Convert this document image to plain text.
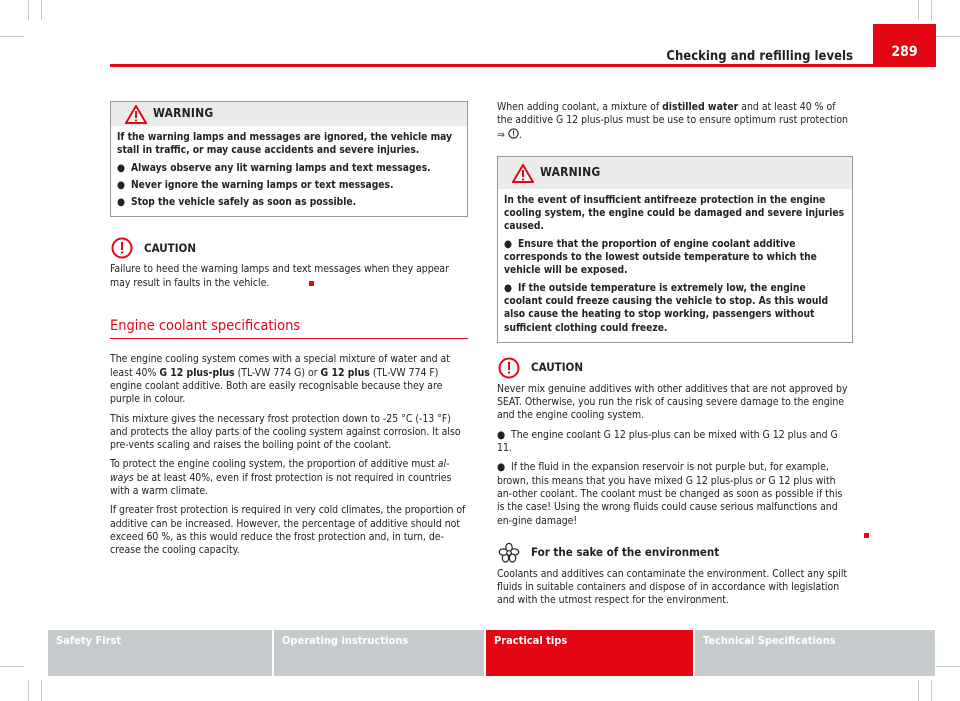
Checking and refilling levels	289
WARNING

If the warning lamps and messages are ignored, the vehicle may stall in traffic, or may cause accidents and severe injuries.

● Always observe any lit warning lamps and text messages.

● Never ignore the warning lamps or text messages.

● Stop the vehicle safely as soon as possible.

CAUTION

Failure to heed the warning lamps and text messages when they appear may result in faults in the vehicle.

Engine coolant specifications

The engine cooling system comes with a special mixture of water and at least 40% G 12 plus-plus (TL-VW 774 G) or G 12 plus (TL-VW 774 F) engine coolant additive. Both are easily recognisable because they are purple in colour.

This mixture gives the necessary frost protection down to -25 °C (-13 °F) and protects the alloy parts of the cooling system against corrosion. It also pre-vents scaling and raises the boiling point of the coolant.

To protect the engine cooling system, the proportion of additive must al-ways be at least 40%, even if frost protection is not required in countries with a warm climate.

If greater frost protection is required in very cold climates, the proportion of additive can be increased. However, the percentage of additive should not exceed 60 %, as this would reduce the frost protection and, in turn, de-crease the cooling capacity.

When adding coolant, a mixture of distilled water and at least 40 % of the additive G 12 plus-plus must be use to ensure optimum rust protection
⇒ .

WARNING

In the event of insufficient antifreeze protection in the engine cooling system, the engine could be damaged and severe injuries caused.

● Ensure that the proportion of engine coolant additive corresponds to the lowest outside temperature to which the vehicle will be exposed.

● If the outside temperature is extremely low, the engine coolant could freeze causing the vehicle to stop. As this would also cause the heating to stop working, passengers without sufficient clothing could freeze.

CAUTION

Never mix genuine additives with other additives that are not approved by SEAT. Otherwise, you run the risk of causing severe damage to the engine and the engine cooling system.

● The engine coolant G 12 plus-plus can be mixed with G 12 plus and G 11.

● If the fluid in the expansion reservoir is not purple but, for example, brown, this means that you have mixed G 12 plus-plus or G 12 plus with an-other coolant. The coolant must be changed as soon as possible if this is the case! Using the wrong fluids could cause serious malfunctions and en-gine damage!

For the sake of the environment

Coolants and additives can contaminate the environment. Collect any spilt fluids in suitable containers and dispose of in accordance with legislation and with the utmost respect for the environment.

Safety First	Operating instructions	Practical tips	Technical Specifications
